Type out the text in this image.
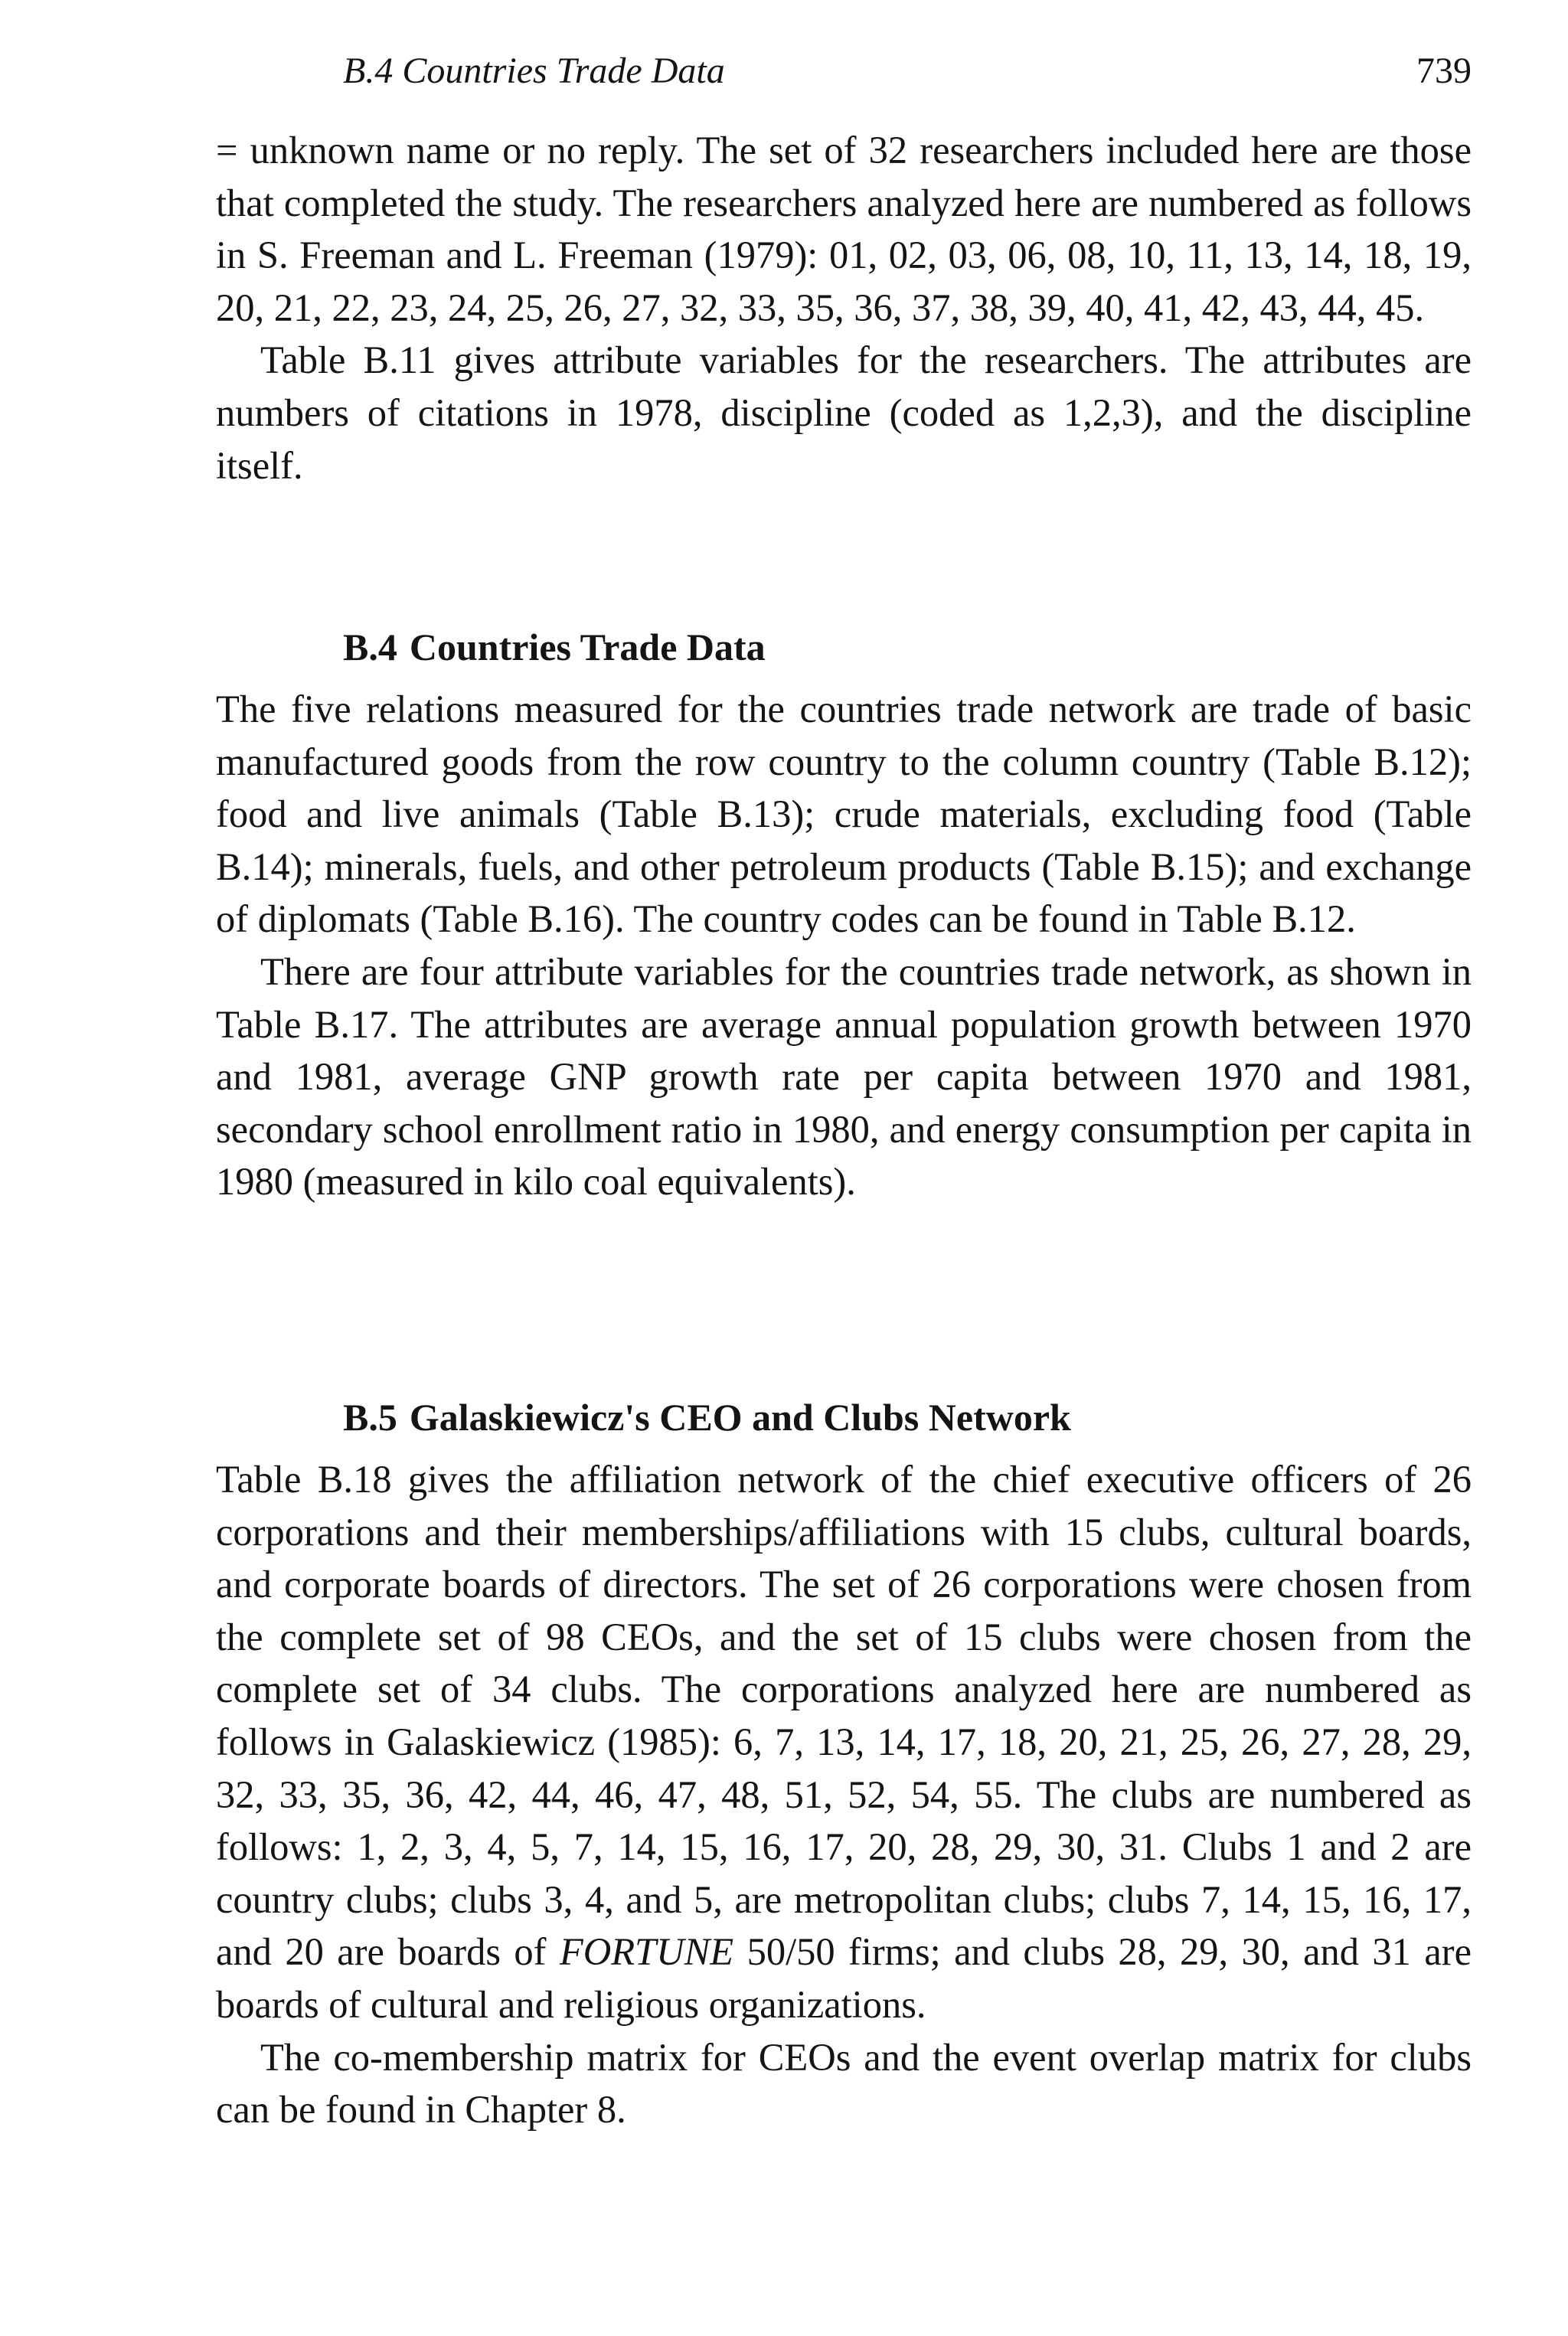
B.4 Countries Trade Data	739

= unknown name or no reply. The set of 32 researchers included here are those that completed the study. The researchers analyzed here are numbered as follows in S. Freeman and L. Freeman (1979): 01, 02, 03, 06, 08, 10, 11, 13, 14, 18, 19, 20, 21, 22, 23, 24, 25, 26, 27, 32, 33, 35, 36, 37, 38, 39, 40, 41, 42, 43, 44, 45.

Table B.11 gives attribute variables for the researchers. The attributes are numbers of citations in 1978, discipline (coded as 1,2,3), and the discipline itself.

B.4 Countries Trade Data

The five relations measured for the countries trade network are trade of basic manufactured goods from the row country to the column country (Table B.12); food and live animals (Table B.13); crude materials, excluding food (Table B.14); minerals, fuels, and other petroleum products (Table B.15); and exchange of diplomats (Table B.16). The country codes can be found in Table B.12.

There are four attribute variables for the countries trade network, as shown in Table B.17. The attributes are average annual population growth between 1970 and 1981, average GNP growth rate per capita between 1970 and 1981, secondary school enrollment ratio in 1980, and energy consumption per capita in 1980 (measured in kilo coal equivalents).

B.5 Galaskiewicz's CEO and Clubs Network

Table B.18 gives the affiliation network of the chief executive officers of 26 corporations and their memberships/affiliations with 15 clubs, cultural boards, and corporate boards of directors. The set of 26 corporations were chosen from the complete set of 98 CEOs, and the set of 15 clubs were chosen from the complete set of 34 clubs. The corporations analyzed here are numbered as follows in Galaskiewicz (1985): 6, 7, 13, 14, 17, 18, 20, 21, 25, 26, 27, 28, 29, 32, 33, 35, 36, 42, 44, 46, 47, 48, 51, 52, 54, 55. The clubs are numbered as follows: 1, 2, 3, 4, 5, 7, 14, 15, 16, 17, 20, 28, 29, 30, 31. Clubs 1 and 2 are country clubs; clubs 3, 4, and 5, are metropolitan clubs; clubs 7, 14, 15, 16, 17, and 20 are boards of FORTUNE 50/50 firms; and clubs 28, 29, 30, and 31 are boards of cultural and religious organizations.

The co-membership matrix for CEOs and the event overlap matrix for clubs can be found in Chapter 8.
